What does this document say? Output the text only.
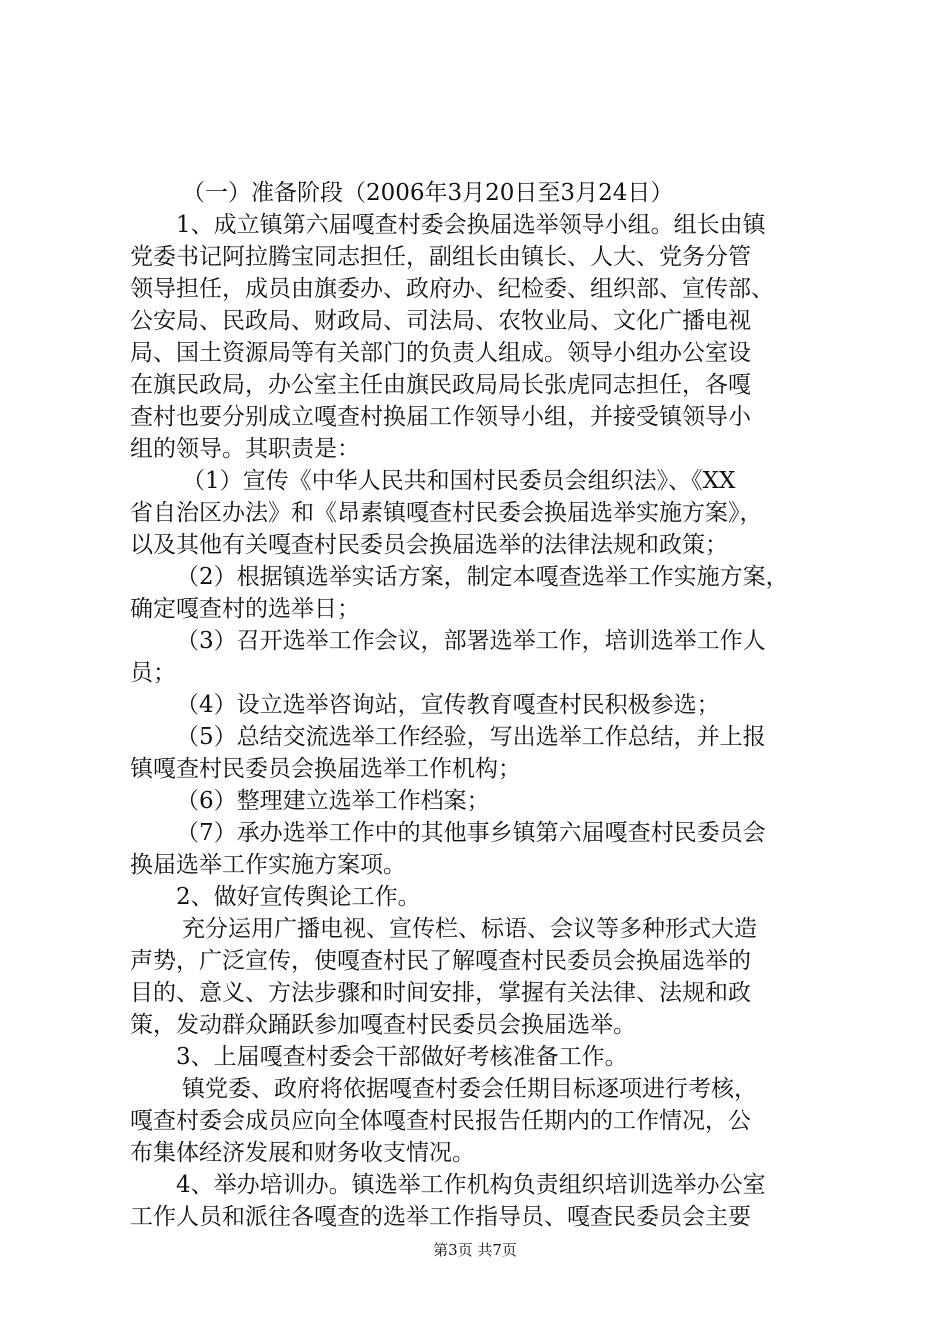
（一）准备阶段（2006年3月20日至3月24日）
1、成立镇第六届嘎查村委会换届选举领导小组。组长由镇
党委书记阿拉腾宝同志担任，副组长由镇长、人大、党务分管
领导担任，成员由旗委办、政府办、纪检委、组织部、宣传部、
公安局、民政局、财政局、司法局、农牧业局、文化广播电视
局、国土资源局等有关部门的负责人组成。领导小组办公室设
在旗民政局，办公室主任由旗民政局局长张虎同志担任，各嘎
查村也要分别成立嘎查村换届工作领导小组，并接受镇领导小
组的领导。其职责是：
（1）宣传《中华人民共和国村民委员会组织法》、《XX
省自治区办法》和《昂素镇嘎查村民委会换届选举实施方案》，
以及其他有关嘎查村民委员会换届选举的法律法规和政策；
（2）根据镇选举实话方案，制定本嘎查选举工作实施方案，
确定嘎查村的选举日；
（3）召开选举工作会议，部署选举工作，培训选举工作人
员；
（4）设立选举咨询站，宣传教育嘎查村民积极参选；
（5）总结交流选举工作经验，写出选举工作总结，并上报
镇嘎查村民委员会换届选举工作机构；
（6）整理建立选举工作档案；
（7）承办选举工作中的其他事乡镇第六届嘎查村民委员会
换届选举工作实施方案项。
2、做好宣传舆论工作。
充分运用广播电视、宣传栏、标语、会议等多种形式大造
声势，广泛宣传，使嘎查村民了解嘎查村民委员会换届选举的
目的、意义、方法步骤和时间安排，掌握有关法律、法规和政
策，发动群众踊跃参加嘎查村民委员会换届选举。
3、上届嘎查村委会干部做好考核准备工作。
镇党委、政府将依据嘎查村委会任期目标逐项进行考核，
嘎查村委会成员应向全体嘎查村民报告任期内的工作情况，公
布集体经济发展和财务收支情况。
4、举办培训办。镇选举工作机构负责组织培训选举办公室
工作人员和派往各嘎查的选举工作指导员、嘎查民委员会主要
第3页 共7页
